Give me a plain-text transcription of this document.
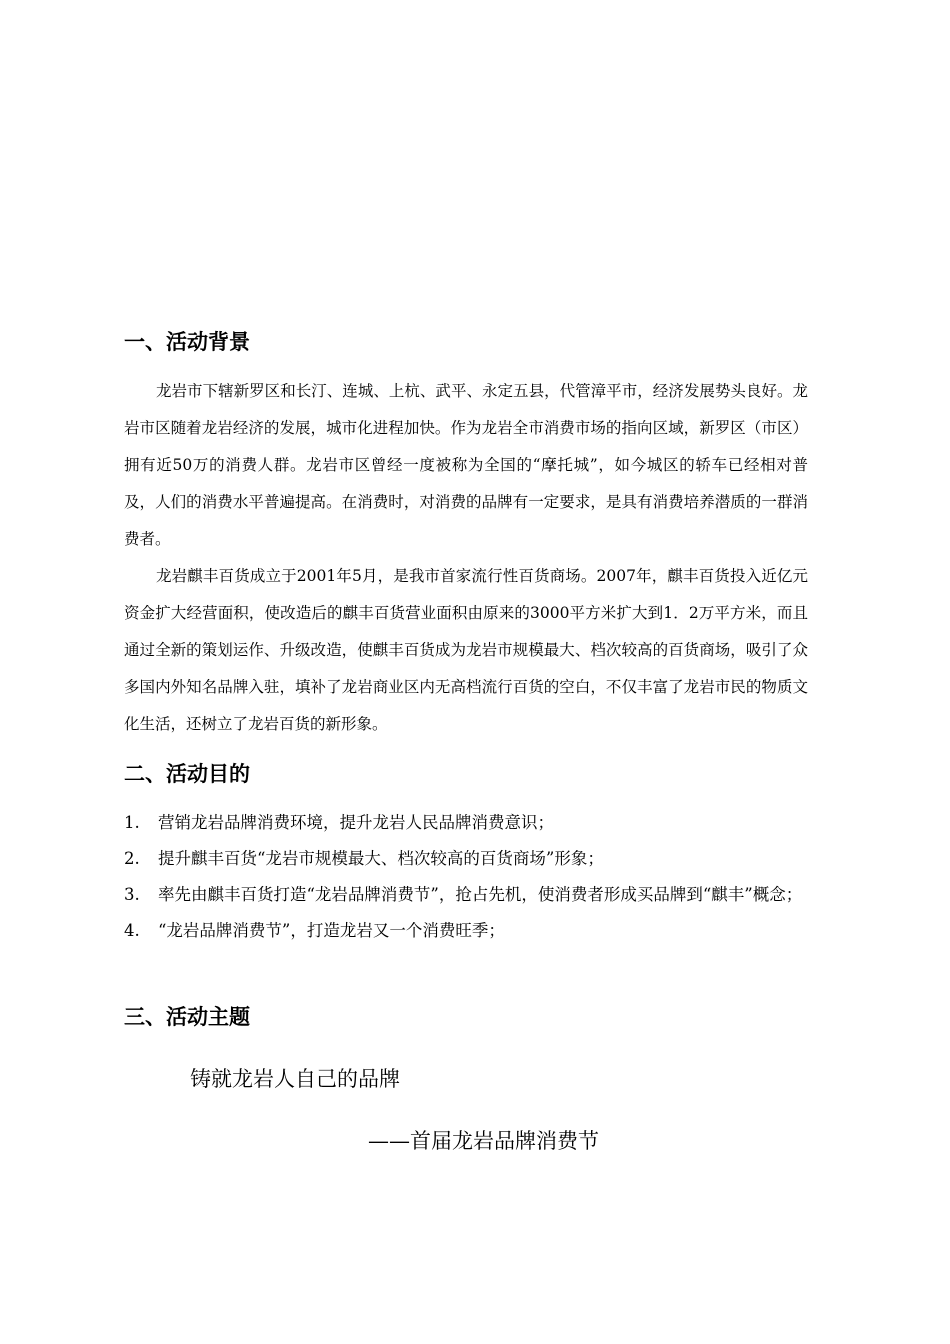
一、活动背景

龙岩市下辖新罗区和长汀、连城、上杭、武平、永定五县，代管漳平市，经济发展势头良好。龙岩市区随着龙岩经济的发展，城市化进程加快。作为龙岩全市消费市场的指向区域，新罗区（市区）拥有近50万的消费人群。龙岩市区曾经一度被称为全国的“摩托城”，如今城区的轿车已经相对普及，人们的消费水平普遍提高。在消费时，对消费的品牌有一定要求，是具有消费培养潜质的一群消费者。

龙岩麒丰百货成立于2001年5月，是我市首家流行性百货商场。2007年，麒丰百货投入近亿元资金扩大经营面积，使改造后的麒丰百货营业面积由原来的3000平方米扩大到1．2万平方米，而且通过全新的策划运作、升级改造，使麒丰百货成为龙岩市规模最大、档次较高的百货商场，吸引了众多国内外知名品牌入驻，填补了龙岩商业区内无高档流行百货的空白，不仅丰富了龙岩市民的物质文化生活，还树立了龙岩百货的新形象。

二、活动目的
1. 营销龙岩品牌消费环境，提升龙岩人民品牌消费意识；
2. 提升麒丰百货“龙岩市规模最大、档次较高的百货商场”形象；
3. 率先由麒丰百货打造“龙岩品牌消费节”，抢占先机，使消费者形成买品牌到“麒丰”概念；
4. “龙岩品牌消费节”，打造龙岩又一个消费旺季；
三、活动主题

铸就龙岩人自己的品牌

——首届龙岩品牌消费节
